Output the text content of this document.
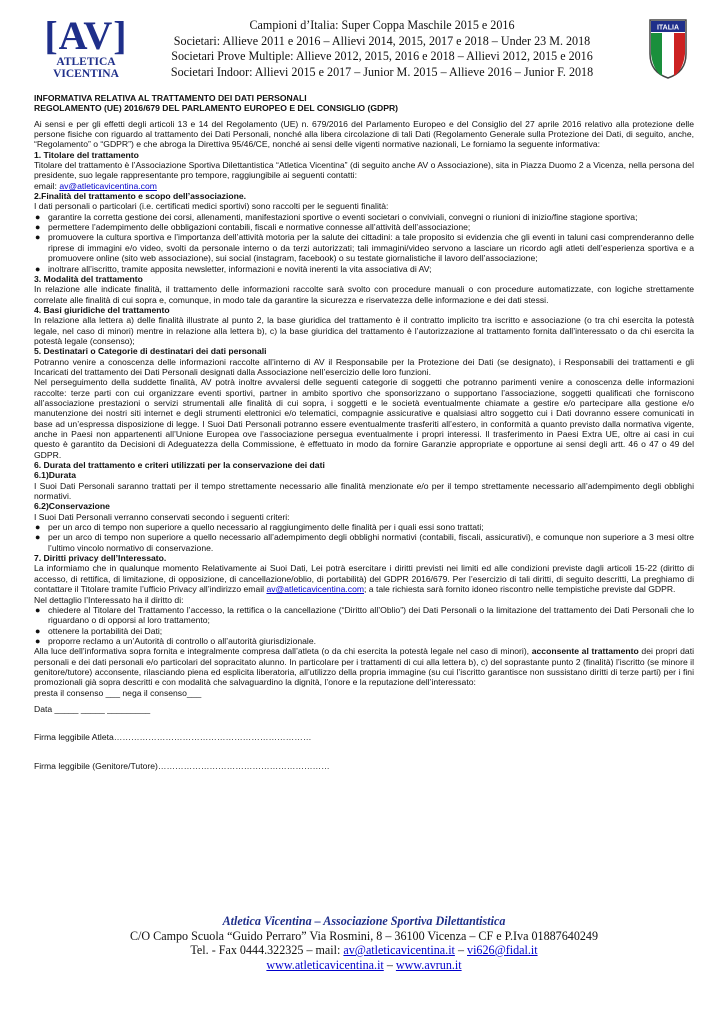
[AV]
ATLETICA
VICENTINA
Campioni d’Italia: Super Coppa Maschile 2015 e 2016
Societari: Allieve 2011 e 2016 – Allievi 2014, 2015, 2017 e 2018 – Under 23 M. 2018
Societari Prove Multiple: Allieve 2012, 2015, 2016 e 2018 – Allievi 2012, 2015 e 2016
Societari Indoor: Allievi 2015 e 2017 – Junior M. 2015 – Allieve 2016 – Junior F. 2018
ITALIA

INFORMATIVA RELATIVA AL TRATTAMENTO DEI DATI PERSONALI

REGOLAMENTO (UE) 2016/679 DEL PARLAMENTO EUROPEO E DEL CONSIGLIO (GDPR)

Ai sensi e per gli effetti degli articoli 13 e 14 del Regolamento (UE) n. 679/2016 del Parlamento Europeo e del Consiglio del 27 aprile 2016 relativo alla protezione delle persone fisiche con riguardo al trattamento dei Dati Personali, nonché alla libera circolazione di tali Dati (Regolamento Generale sulla Protezione dei Dati, di seguito, anche, “Regolamento” o “GDPR”) e che abroga la Direttiva 95/46/CE, nonché ai sensi delle vigenti normative nazionali, Le forniamo la seguente informativa:

1. Titolare del trattamento

Titolare del trattamento è l’Associazione Sportiva Dilettantistica “Atletica Vicentina” (di seguito anche AV o Associazione), sita in Piazza Duomo 2 a Vicenza, nella persona del presidente, suo legale rappresentante pro tempore, raggiungibile ai seguenti contatti:

email: av@atleticavicentina.com

2.Finalità del trattamento e scopo dell’associazione.

I dati personali o particolari (i.e. certificati medici sportivi) sono raccolti per le seguenti finalità:

● garantire la corretta gestione dei corsi, allenamenti, manifestazioni sportive o eventi societari o conviviali, convegni o riunioni di inizio/fine stagione sportiva;
● permettere l’adempimento delle obbligazioni contabili, fiscali e normative connesse all’attività dell’associazione;
● promuovere la cultura sportiva e l’importanza dell’attività motoria per la salute dei cittadini: a tale proposito si evidenzia che gli eventi in taluni casi comprenderanno delle riprese di immagini e/o video, svolti da personale interno o da terzi autorizzati; tali immagini/video servono a lasciare un ricordo agli atleti dell’esperienza sportiva e a promuovere online (sito web associazione), sui social (instagram, facebook) o su testate giornalistiche il lavoro dell’associazione;
● inoltrare all’iscritto, tramite apposita newsletter, informazioni e novità inerenti la vita associativa di AV;

3. Modalità del trattamento

In relazione alle indicate finalità, il trattamento delle informazioni raccolte sarà svolto con procedure manuali o con procedure automatizzate, con logiche strettamente correlate alle finalità di cui sopra e, comunque, in modo tale da garantire la sicurezza e riservatezza delle informazione e dei dati stessi.

4. Basi giuridiche del trattamento

In relazione alla lettera a) delle finalità illustrate al punto 2, la base giuridica del trattamento è il contratto implicito tra iscritto e associazione (o tra chi esercita la potestà legale, nel caso di minori) mentre in relazione alla lettera b), c) la base giuridica del trattamento è l’autorizzazione al trattamento fornita dall’interessato o da chi esercita la potestà legale (consenso);

5. Destinatari o Categorie di destinatari dei dati personali

Potranno venire a conoscenza delle informazioni raccolte all’interno di AV il Responsabile per la Protezione dei Dati (se designato), i Responsabili dei trattamenti e gli Incaricati del trattamento dei Dati Personali designati dalla Associazione nell’esercizio delle loro funzioni.

Nel perseguimento della suddette finalità, AV potrà inoltre avvalersi delle seguenti categorie di soggetti che potranno parimenti venire a conoscenza delle informazioni raccolte: terze parti con cui organizzare eventi sportivi, partner in ambito sportivo che sponsorizzano o supportano l’associazione, soggetti qualificati che forniscono all’associazione prestazioni o servizi strumentali alle finalità di cui sopra, i soggetti e le società eventualmente chiamate a gestire e/o partecipare alla gestione e/o manutenzione dei nostri siti internet e degli strumenti elettronici e/o telematici, compagnie assicurative e qualsiasi altro soggetto cui i Dati dovranno essere comunicati in base ad un’espressa disposizione di legge. I Suoi Dati Personali potranno essere eventualmente trasferiti all’estero, in conformità a quanto previsto dalla normativa vigente, anche in Paesi non appartenenti all’Unione Europea ove l’associazione persegua eventualmente i propri interessi. Il trasferimento in Paesi Extra UE, oltre ai casi in cui questo è garantito da Decisioni di Adeguatezza della Commissione, è effettuato in modo da fornire Garanzie appropriate e opportune ai sensi degli artt. 46 o 47 o 49 del GDPR.

6. Durata del trattamento e criteri utilizzati per la conservazione dei dati

6.1)Durata

I Suoi Dati Personali saranno trattati per il tempo strettamente necessario alle finalità menzionate e/o per il tempo strettamente necessario all’adempimento degli obblighi normativi.

6.2)Conservazione

I Suoi Dati Personali verranno conservati secondo i seguenti criteri:

● per un arco di tempo non superiore a quello necessario al raggiungimento delle finalità per i quali essi sono trattati;
● per un arco di tempo non superiore a quello necessario all’adempimento degli obblighi normativi (contabili, fiscali, assicurativi), e comunque non superiore a 3 mesi oltre l’ultimo vincolo normativo di conservazione.

7. Diritti privacy dell’Interessato.

La informiamo che in qualunque momento Relativamente ai Suoi Dati, Lei potrà esercitare i diritti previsti nei limiti ed alle condizioni previste dagli articoli 15-22 (diritto di accesso, di rettifica, di limitazione, di opposizione, di cancellazione/oblio, di portabilità) del GDPR 2016/679. Per l’esercizio di tali diritti, di seguito descritti, La preghiamo di contattare il Titolare tramite l’ufficio Privacy all’indirizzo email av@atleticavicentina.com; a tale richiesta sarà fornito idoneo riscontro nelle tempistiche previste dal GDPR.

Nel dettaglio l’Interessato ha il diritto di:

● chiedere al Titolare del Trattamento l’accesso, la rettifica o la cancellazione (“Diritto all’Oblio”) dei Dati Personali o la limitazione del trattamento dei Dati Personali che lo riguardano o di opporsi al loro trattamento;
● ottenere la portabilità dei Dati;
● proporre reclamo a un’Autorità di controllo o all’autorità giurisdizionale.

Alla luce dell’informativa sopra fornita e integralmente compresa dall’atleta (o da chi esercita la potestà legale nel caso di minori), acconsente al trattamento dei propri dati personali e dei dati personali e/o particolari del sopracitato alunno. In particolare per i trattamenti di cui alla lettera b), c) del soprastante punto 2 (finalità) l’iscritto (se minore il genitore/tutore) acconsente, rilasciando piena ed esplicita liberatoria, all’utilizzo della propria immagine (su cui l’iscritto garantisce non sussistano diritti di terze parti) per i fini promozionali già sopra descritti e con modalità che salvaguardino la dignità, l’onore e la reputazione dell’interessato:

presta il consenso ___ nega il consenso___

Data _____ _____ _________

Firma leggibile Atleta……………………………………………………………

Firma leggibile (Genitore/Tutore)……………………………………………………

Atletica Vicentina – Associazione Sportiva Dilettantistica
C/O Campo Scuola “Guido Perraro” Via Rosmini, 8 – 36100 Vicenza – CF e P.Iva 01887640249
Tel. - Fax 0444.322325 – mail: av@atleticavicentina.it – vi626@fidal.it
www.atleticavicentina.it – www.avrun.it
